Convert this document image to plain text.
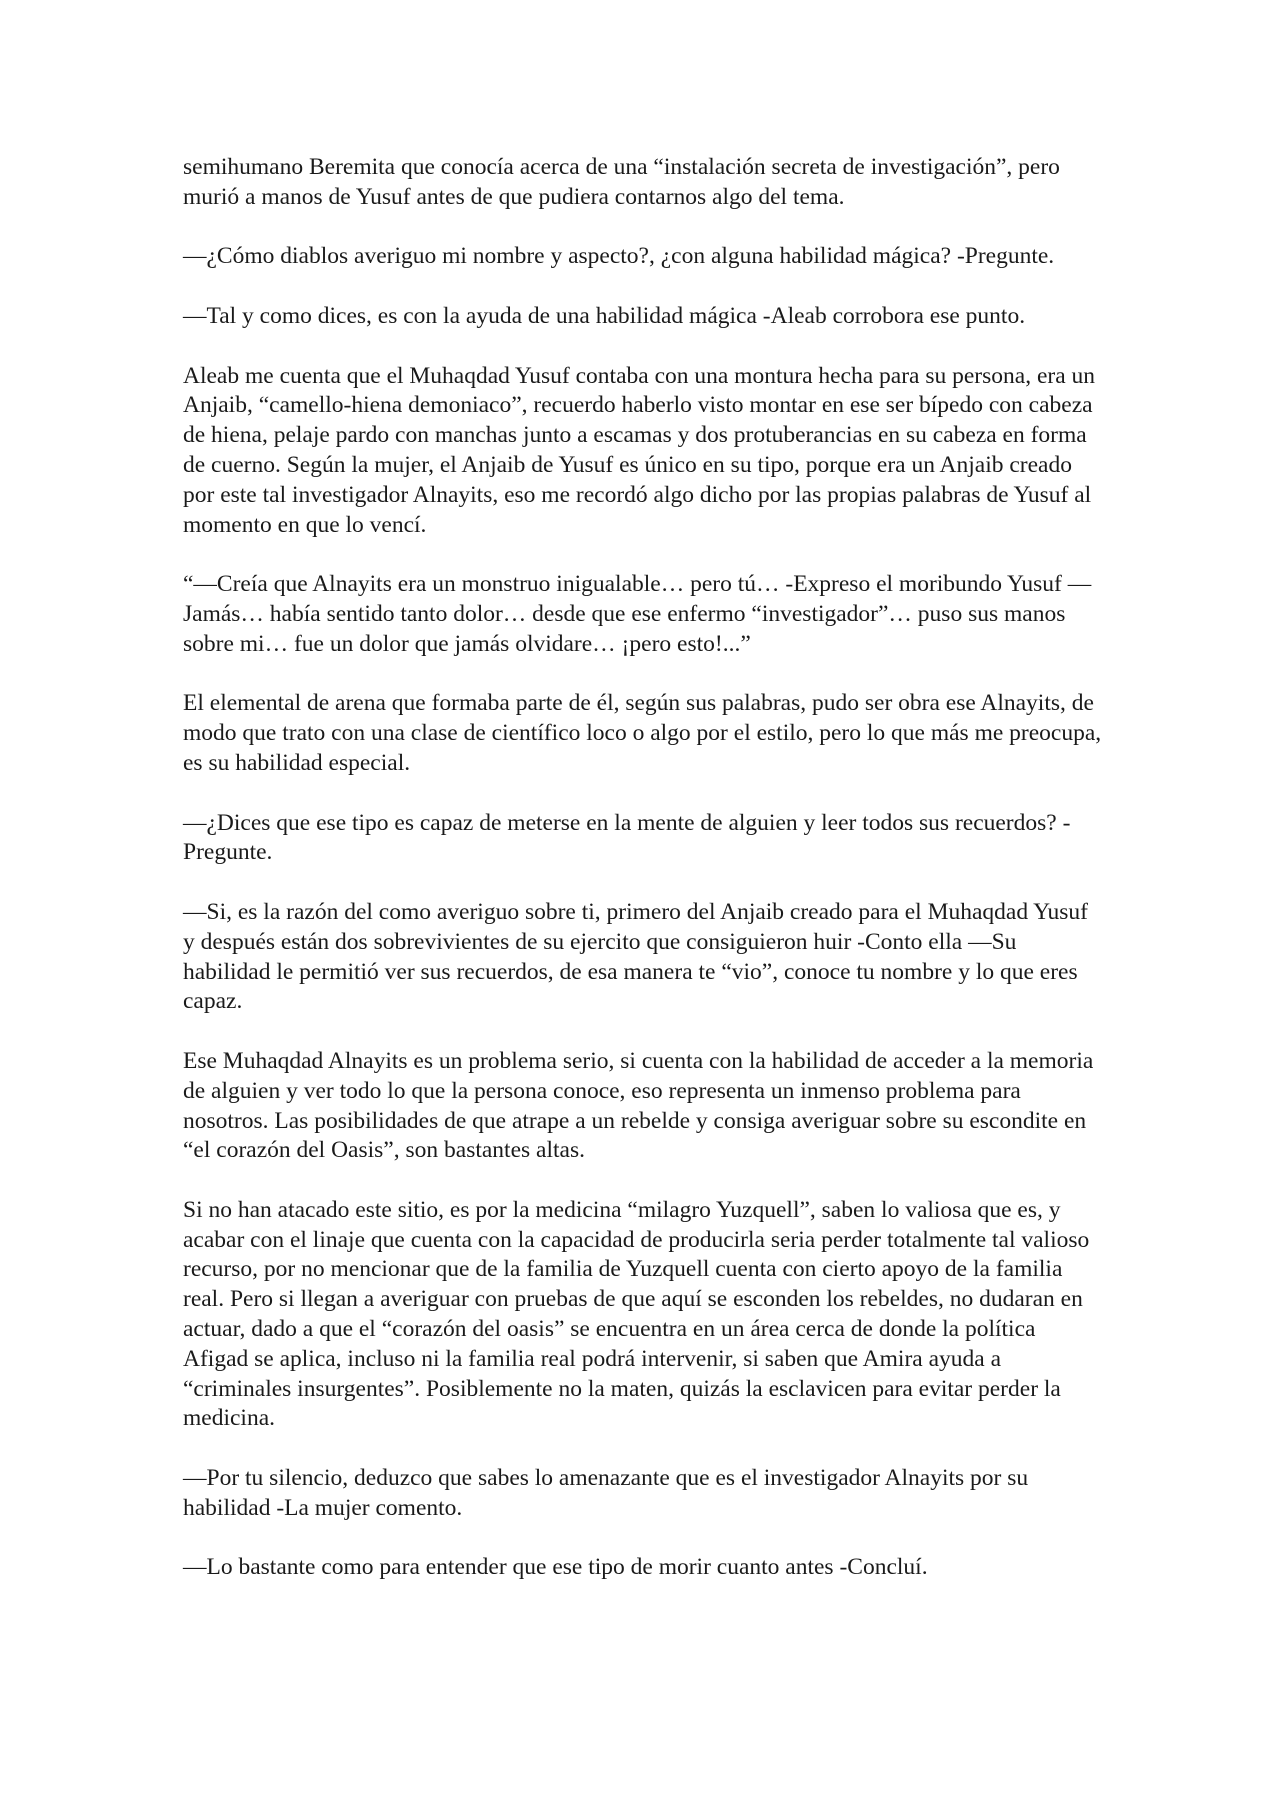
semihumano Beremita que conocía acerca de una “instalación secreta de investigación”, pero murió a manos de Yusuf antes de que pudiera contarnos algo del tema.

—¿Cómo diablos averiguo mi nombre y aspecto?, ¿con alguna habilidad mágica? -Pregunte.

—Tal y como dices, es con la ayuda de una habilidad mágica -Aleab corrobora ese punto.

Aleab me cuenta que el Muhaqdad Yusuf contaba con una montura hecha para su persona, era un Anjaib, “camello-hiena demoniaco”, recuerdo haberlo visto montar en ese ser bípedo con cabeza de hiena, pelaje pardo con manchas junto a escamas y dos protuberancias en su cabeza en forma de cuerno. Según la mujer, el Anjaib de Yusuf es único en su tipo, porque era un Anjaib creado por este tal investigador Alnayits, eso me recordó algo dicho por las propias palabras de Yusuf al momento en que lo vencí.

“—Creía que Alnayits era un monstruo inigualable… pero tú… -Expreso el moribundo Yusuf —Jamás… había sentido tanto dolor… desde que ese enfermo “investigador”… puso sus manos sobre mi… fue un dolor que jamás olvidare… ¡pero esto!...”

El elemental de arena que formaba parte de él, según sus palabras, pudo ser obra ese Alnayits, de modo que trato con una clase de científico loco o algo por el estilo, pero lo que más me preocupa, es su habilidad especial.

—¿Dices que ese tipo es capaz de meterse en la mente de alguien y leer todos sus recuerdos? -Pregunte.

—Si, es la razón del como averiguo sobre ti, primero del Anjaib creado para el Muhaqdad Yusuf y después están dos sobrevivientes de su ejercito que consiguieron huir -Conto ella —Su habilidad le permitió ver sus recuerdos, de esa manera te “vio”, conoce tu nombre y lo que eres capaz.

Ese Muhaqdad Alnayits es un problema serio, si cuenta con la habilidad de acceder a la memoria de alguien y ver todo lo que la persona conoce, eso representa un inmenso problema para nosotros. Las posibilidades de que atrape a un rebelde y consiga averiguar sobre su escondite en “el corazón del Oasis”, son bastantes altas.

Si no han atacado este sitio, es por la medicina “milagro Yuzquell”, saben lo valiosa que es, y acabar con el linaje que cuenta con la capacidad de producirla seria perder totalmente tal valioso recurso, por no mencionar que de la familia de Yuzquell cuenta con cierto apoyo de la familia real. Pero si llegan a averiguar con pruebas de que aquí se esconden los rebeldes, no dudaran en actuar, dado a que el “corazón del oasis” se encuentra en un área cerca de donde la política Afigad se aplica, incluso ni la familia real podrá intervenir, si saben que Amira ayuda a “criminales insurgentes”. Posiblemente no la maten, quizás la esclavicen para evitar perder la medicina.

—Por tu silencio, deduzco que sabes lo amenazante que es el investigador Alnayits por su habilidad -La mujer comento.

—Lo bastante como para entender que ese tipo de morir cuanto antes -Concluí.
